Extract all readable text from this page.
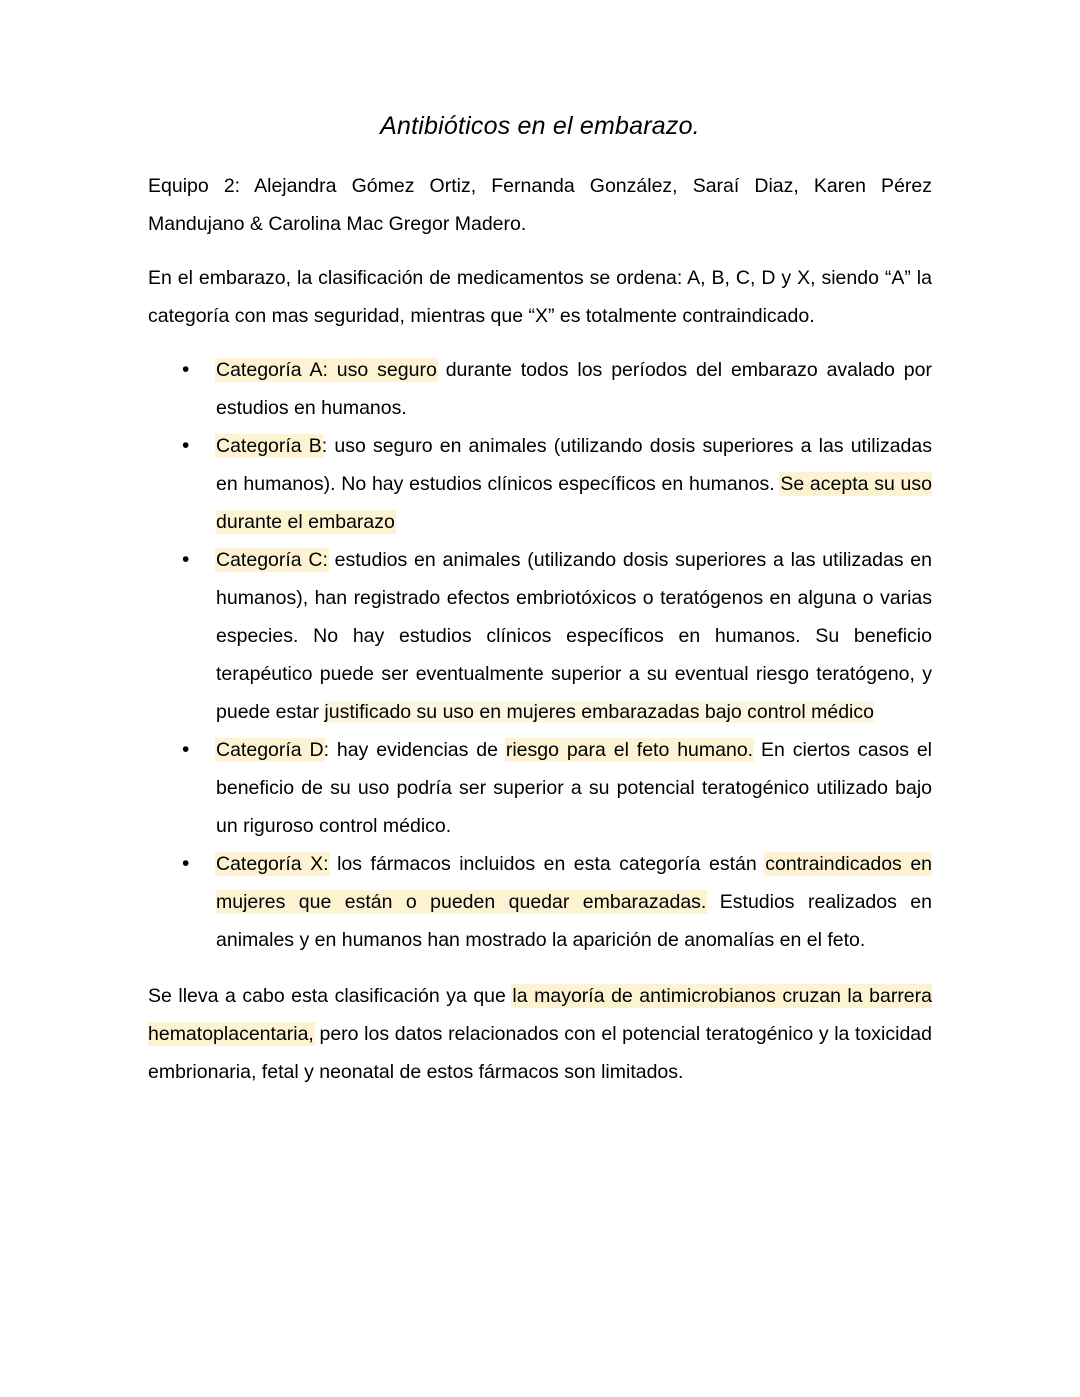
Antibióticos en el embarazo.

Equipo 2: Alejandra Gómez Ortiz, Fernanda González, Saraí Diaz, Karen Pérez Mandujano & Carolina Mac Gregor Madero.

En el embarazo, la clasificación de medicamentos se ordena: A, B, C, D y X, siendo “A” la categoría con mas seguridad, mientras que “X” es totalmente contraindicado.

• Categoría A: uso seguro durante todos los períodos del embarazo avalado por estudios en humanos.
• Categoría B: uso seguro en animales (utilizando dosis superiores a las utilizadas en humanos). No hay estudios clínicos específicos en humanos. Se acepta su uso durante el embarazo
• Categoría C: estudios en animales (utilizando dosis superiores a las utilizadas en humanos), han registrado efectos embriotóxicos o teratógenos en alguna o varias especies. No hay estudios clínicos específicos en humanos. Su beneficio terapéutico puede ser eventualmente superior a su eventual riesgo teratógeno, y puede estar justificado su uso en mujeres embarazadas bajo control médico
• Categoría D: hay evidencias de riesgo para el feto humano. En ciertos casos el beneficio de su uso podría ser superior a su potencial teratogénico utilizado bajo un riguroso control médico.
• Categoría X: los fármacos incluidos en esta categoría están contraindicados en mujeres que están o pueden quedar embarazadas. Estudios realizados en animales y en humanos han mostrado la aparición de anomalías en el feto.

Se lleva a cabo esta clasificación ya que la mayoría de antimicrobianos cruzan la barrera hematoplacentaria, pero los datos relacionados con el potencial teratogénico y la toxicidad embrionaria, fetal y neonatal de estos fármacos son limitados.
